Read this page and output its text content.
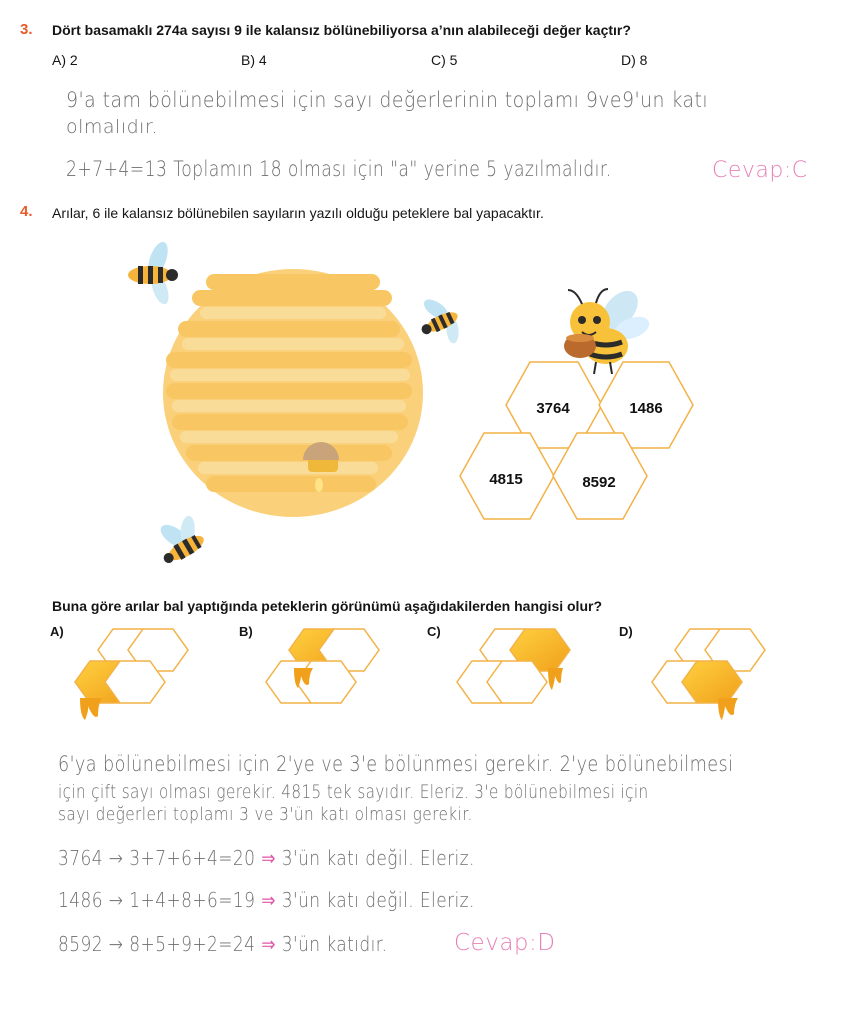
3. Dört basamaklı 274a sayısı 9 ile kalansız bölünebiliyorsa a’nın alabileceği değer kaçtır?
A) 2	B) 4	C) 5	D) 8
9'a tam bölünebilmesi için sayı değerlerinin toplamı 9ve9'un katı
olmalıdır.
2+7+4=13 Toplamın 18 olması için "a" yerine 5 yazılmalıdır.	Cevap:C
4. Arılar, 6 ile kalansız bölünebilen sayıların yazılı olduğu peteklere bal yapacaktır.
3764	1486
4815	8592
Buna göre arılar bal yaptığında peteklerin görünümü aşağıdakilerden hangisi olur?
A)	B)	C)	D)
6'ya bölünebilmesi için 2'ye ve 3'e bölünmesi gerekir. 2'ye bölünebilmesi
için çift sayı olması gerekir. 4815 tek sayıdır. Eleriz. 3'e bölünebilmesi için
sayı değerleri toplamı 3 ve 3'ün katı olması gerekir.
3764 → 3+7+6+4=20 ⇒ 3'ün katı değil. Eleriz.
1486 → 1+4+8+6=19 ⇒ 3'ün katı değil. Eleriz.
8592 → 8+5+9+2=24 ⇒ 3'ün katıdır.	Cevap:D
